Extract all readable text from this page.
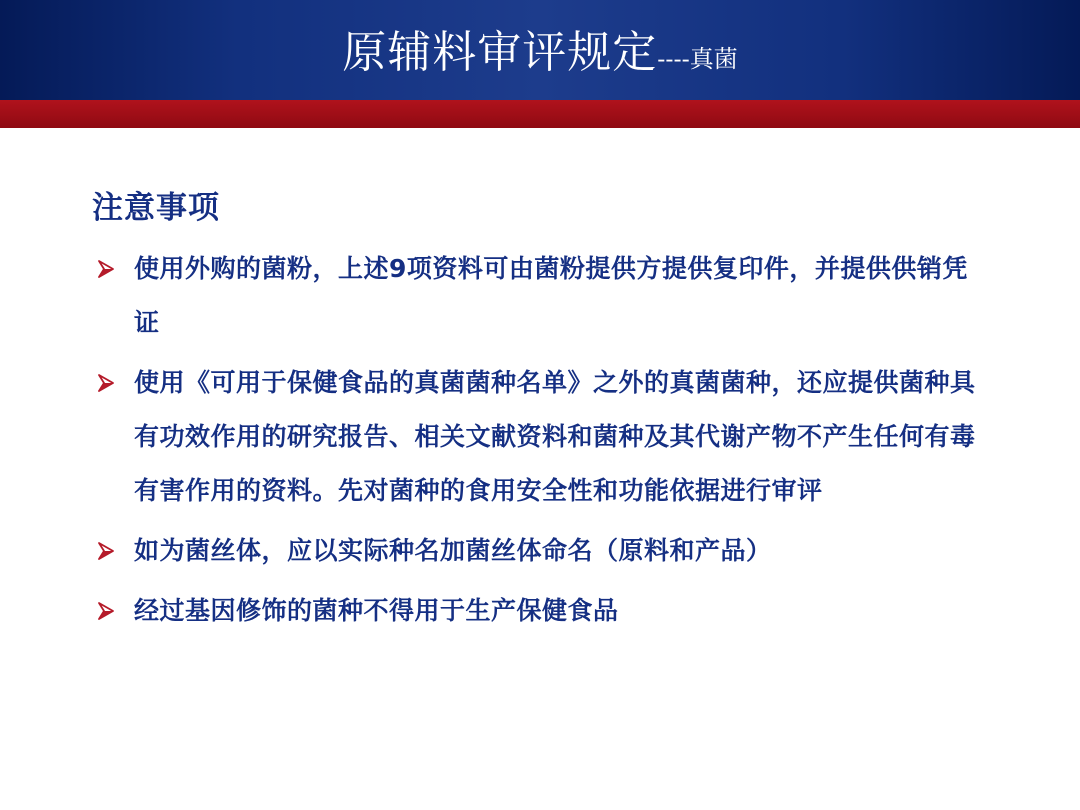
原辅料审评规定 ----真菌
注意事项
使用外购的菌粉，上述9项资料可由菌粉提供方提供复印件，并提供供销凭证
使用《可用于保健食品的真菌菌种名单》之外的真菌菌种，还应提供菌种具有功效作用的研究报告、相关文献资料和菌种及其代谢产物不产生任何有毒有害作用的资料。先对菌种的食用安全性和功能依据进行审评
如为菌丝体，应以实际种名加菌丝体命名（原料和产品）
经过基因修饰的菌种不得用于生产保健食品
